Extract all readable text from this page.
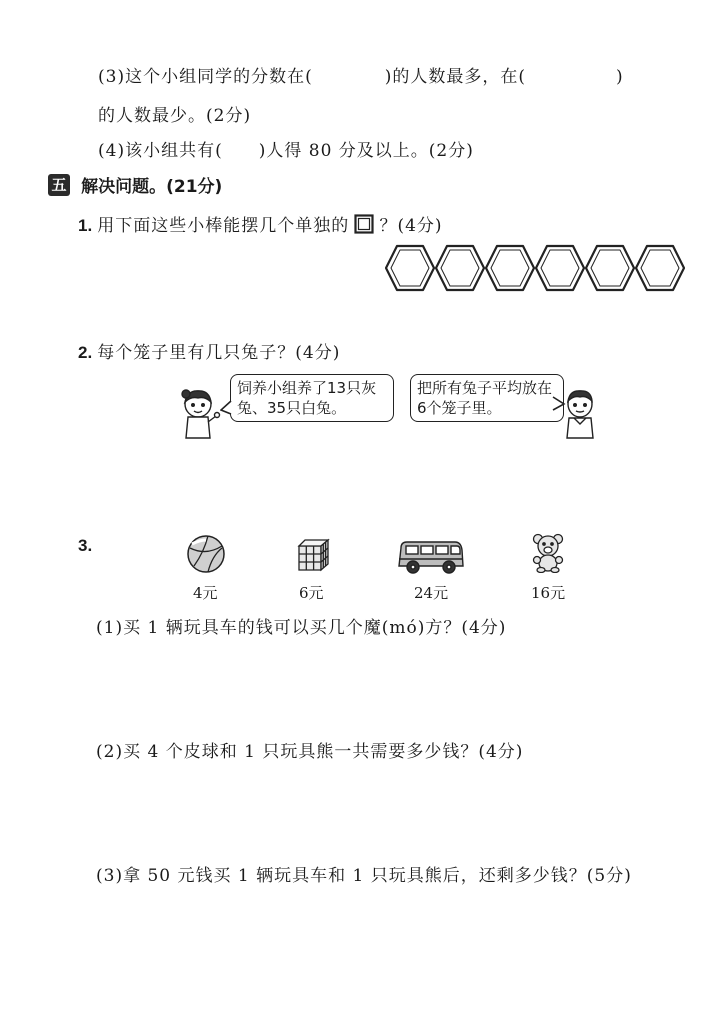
(3)这个小组同学的分数在(　　　　)的人数最多，在(　　　　　)
的人数最少。(2分)
(4)该小组共有(　　)人得 80 分及以上。(2分)
五 解决问题。(21分)
1. 用下面这些小棒能摆几个单独的 ？(4分)
2. 每个笼子里有几只兔子？(4分)
饲养小组养了13只灰兔、35只白兔。
把所有兔子平均放在6个笼子里。
3.
4元	6元	24元	16元
(1)买 1 辆玩具车的钱可以买几个魔(mó)方？(4分)
(2)买 4 个皮球和 1 只玩具熊一共需要多少钱？(4分)
(3)拿 50 元钱买 1 辆玩具车和 1 只玩具熊后，还剩多少钱？(5分)
